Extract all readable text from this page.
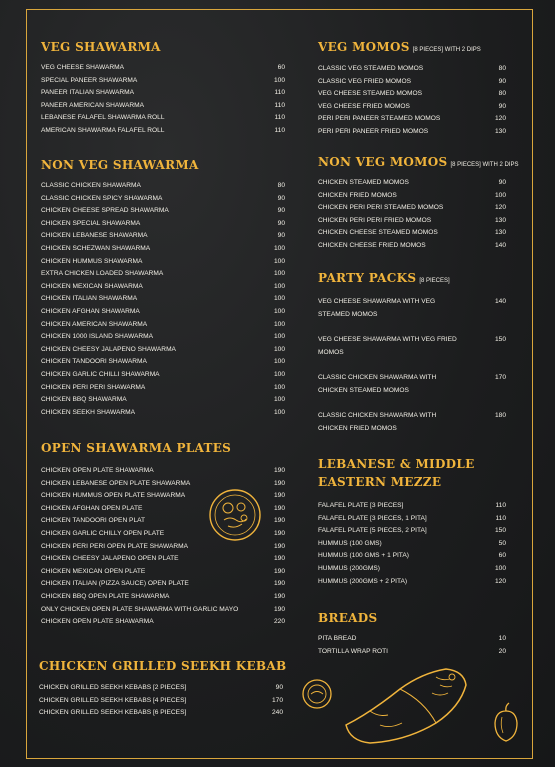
VEG SHAWARMA
VEG CHEESE SHAWARMA	60
SPECIAL PANEER SHAWARMA	100
PANEER ITALIAN SHAWARMA	110
PANEER AMERICAN SHAWARMA	110
LEBANESE FALAFEL SHAWARMA ROLL	110
AMERICAN SHAWARMA FALAFEL ROLL	110
NON VEG SHAWARMA
CLASSIC CHICKEN SHAWARMA	80
CLASSIC CHICKEN SPICY SHAWARMA	90
CHICKEN CHEESE SPREAD SHAWARMA	90
CHICKEN SPECIAL SHAWARMA	90
CHICKEN LEBANESE SHAWARMA	90
CHICKEN SCHEZWAN SHAWARMA	100
CHICKEN HUMMUS SHAWARMA	100
EXTRA CHICKEN LOADED SHAWARMA	100
CHICKEN MEXICAN SHAWARMA	100
CHICKEN ITALIAN SHAWARMA	100
CHICKEN AFGHAN SHAWARMA	100
CHICKEN AMERICAN SHAWARMA	100
CHICKEN 1000 ISLAND SHAWARMA	100
CHICKEN CHEESY JALAPENO SHAWARMA	100
CHICKEN TANDOORI SHAWARMA	100
CHICKEN GARLIC CHILLI SHAWARMA	100
CHICKEN PERI PERI SHAWARMA	100
CHICKEN BBQ SHAWARMA	100
CHICKEN SEEKH SHAWARMA	100
OPEN SHAWARMA PLATES
CHICKEN OPEN PLATE SHAWARMA	190
CHICKEN LEBANESE OPEN PLATE SHAWARMA	190
CHICKEN HUMMUS OPEN PLATE SHAWARMA	190
CHICKEN AFGHAN OPEN PLATE	190
CHICKEN TANDOORI OPEN PLAT	190
CHICKEN GARLIC CHILLY OPEN PLATE	190
CHICKEN PERI PERI OPEN PLATE SHAWARMA	190
CHICKEN CHEESY JALAPENO OPEN PLATE	190
CHICKEN MEXICAN OPEN PLATE	190
CHICKEN ITALIAN (PIZZA SAUCE) OPEN PLATE	190
CHICKEN BBQ OPEN PLATE SHAWARMA	190
ONLY CHICKEN OPEN PLATE SHAWARMA WITH GARLIC MAYO	190
CHICKEN OPEN PLATE SHAWARMA	220
CHICKEN GRILLED SEEKH KEBAB
CHICKEN GRILLED SEEKH KEBABS [2 PIECES]	90
CHICKEN GRILLED SEEKH KEBABS [4 PIECES]	170
CHICKEN GRILLED SEEKH KEBABS [6 PIECES]	240
VEG MOMOS [8 PIECES] WITH 2 DIPS
CLASSIC VEG STEAMED MOMOS	80
CLASSIC VEG FRIED MOMOS	90
VEG CHEESE STEAMED MOMOS	80
VEG CHEESE FRIED MOMOS	90
PERI PERI PANEER STEAMED MOMOS	120
PERI PERI PANEER FRIED MOMOS	130
NON VEG MOMOS [8 PIECES] WITH 2 DIPS
CHICKEN STEAMED MOMOS	90
CHICKEN FRIED MOMOS	100
CHICKEN PERI PERI STEAMED MOMOS	120
CHICKEN PERI PERI FRIED MOMOS	130
CHICKEN CHEESE STEAMED MOMOS	130
CHICKEN CHEESE FRIED MOMOS	140
PARTY PACKS [8 PIECES]
VEG CHEESE SHAWARMA WITH VEG STEAMED MOMOS
140
VEG CHEESE SHAWARMA WITH VEG FRIED MOMOS
150
CLASSIC CHICKEN SHAWARMA WITH CHICKEN STEAMED MOMOS
170
CLASSIC CHICKEN SHAWARMA WITH CHICKEN FRIED MOMOS
180
LEBANESE & MIDDLE
EASTERN MEZZE
FALAFEL PLATE [3 PIECES]	110
FALAFEL PLATE [3 PIECES, 1 PITA]	110
FALAFEL PLATE [5 PIECES, 2 PITA]	150
HUMMUS (100 GMS)	50
HUMMUS (100 GMS + 1 PITA)	60
HUMMUS (200GMS)	100
HUMMUS (200GMS + 2 PITA)	120
BREADS
PITA BREAD	10
TORTILLA WRAP ROTI	20
